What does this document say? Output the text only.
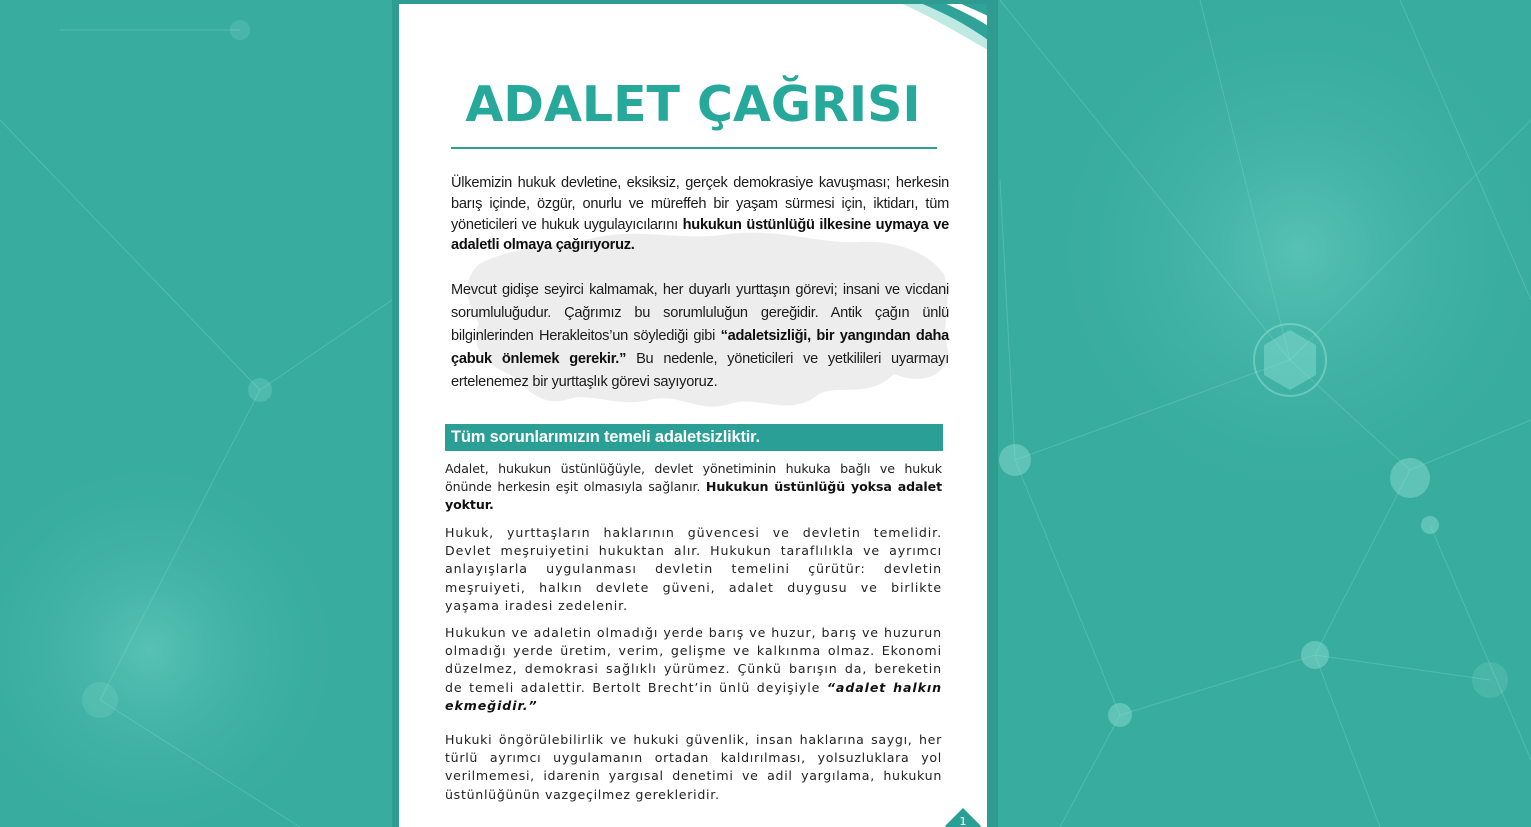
ADALET ÇAĞRISI
Ülkemizin hukuk devletine, eksiksiz, gerçek demokrasiye kavuşması; herkesin barış içinde, özgür, onurlu ve müreffeh bir yaşam sürmesi için, iktidarı, tüm yöneticileri ve hukuk uygulayıcılarını hukukun üstünlüğü ilkesine uymaya ve adaletli olmaya çağırıyoruz.
Mevcut gidişe seyirci kalmamak, her duyarlı yurttaşın görevi; insani ve vicdani sorumluluğudur. Çağrımız bu sorumluluğun gereğidir. Antik çağın ünlü bilginlerinden Herakleitos’un söylediği gibi “adaletsizliği, bir yangından daha çabuk önlemek gerekir.” Bu nedenle, yöneticileri ve yetkilileri uyarmayı ertelenemez bir yurttaşlık görevi sayıyoruz.
Tüm sorunlarımızın temeli adaletsizliktir.
Adalet, hukukun üstünlüğüyle, devlet yönetiminin hukuka bağlı ve hukuk önünde herkesin eşit olmasıyla sağlanır. Hukukun üstünlüğü yoksa adalet yoktur.
Hukuk, yurttaşların haklarının güvencesi ve devletin temelidir. Devlet meşruiyetini hukuktan alır. Hukukun taraflılıkla ve ayrımcı anlayışlarla uygulanması devletin temelini çürütür: devletin meşruiyeti, halkın devlete güveni, adalet duygusu ve birlikte yaşama iradesi zedelenir.
Hukukun ve adaletin olmadığı yerde barış ve huzur, barış ve huzurun olmadığı yerde üretim, verim, gelişme ve kalkınma olmaz. Ekonomi düzelmez, demokrasi sağlıklı yürümez. Çünkü barışın da, bereketin de temeli adalettir. Bertolt Brecht’in ünlü deyişiyle “adalet halkın ekmeğidir.”
Hukuki öngörülebilirlik ve hukuki güvenlik, insan haklarına saygı, her türlü ayrımcı uygulamanın ortadan kaldırılması, yolsuzluklara yol verilmemesi, idarenin yargısal denetimi ve adil yargılama, hukukun üstünlüğünün vazgeçilmez gerekleridir.
1
